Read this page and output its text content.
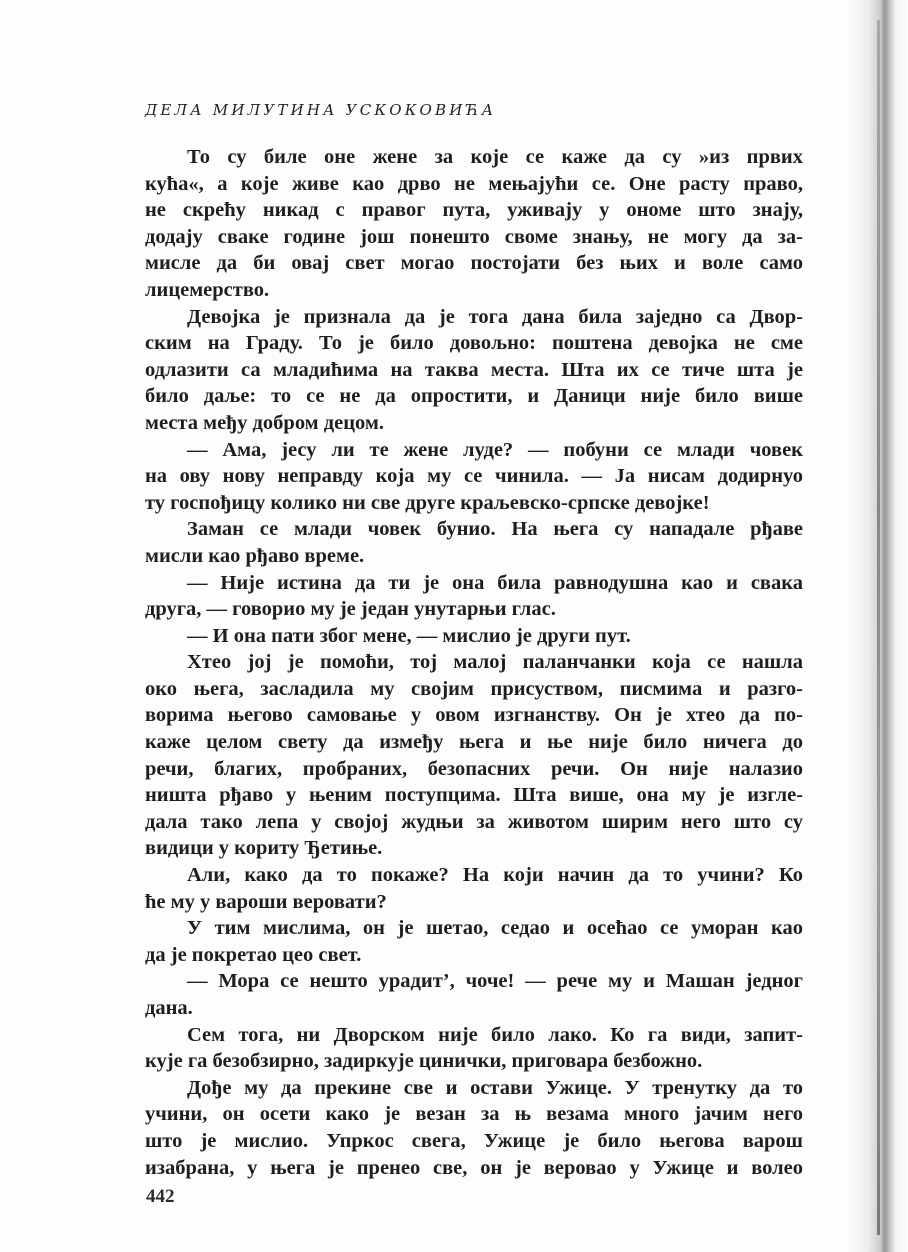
ДЕЛА МИЛУТИНА УСКОКОВИЋА
То су биле оне жене за које се каже да су »из првих
кућа«, а које живе као дрво не мењајући се. Оне расту право,
не скрећу никад с правог пута, уживају у ономе што знају,
додају сваке године још понешто своме знању, не могу да за-
мисле да би овај свет могао постојати без њих и воле само
лицемерство.
Девојка је признала да је тога дана била заједно са Двор-
ским на Граду. То је било довољно: поштена девојка не сме
одлазити са младићима на таква места. Шта их се тиче шта је
било даље: то се не да опростити, и Даници није било више
места међу добром децом.
— Ама, јесу ли те жене луде? — побуни се млади човек
на ову нову неправду која му се чинила. — Ја нисам додирнуо
ту госпођицу колико ни све друге краљевско-српске девојке!
Заман се млади човек бунио. На њега су нападале рђаве
мисли као рђаво време.
— Није истина да ти је она била равнодушна као и свака
друга, — говорио му је један унутарњи глас.
— И она пати због мене, — мислио је други пут.
Хтео јој је помоћи, тој малој паланчанки која се нашла
око њега, засладила му својим присуством, писмима и разго-
ворима његово самовање у овом изгнанству. Он је хтео да по-
каже целом свету да између њега и ње није било ничега до
речи, благих, пробраних, безопасних речи. Он није налазио
ништа рђаво у њеним поступцима. Шта више, она му је изгле-
дала тако лепа у својој жудњи за животом ширим него што су
видици у кориту Ђетиње.
Али, како да то покаже? На који начин да то учини? Ко
ће му у вароши веровати?
У тим мислима, он је шетао, седао и осећао се уморан као
да је покретао цео свет.
— Мора се нешто урадит’, чоче! — рече му и Машан једног
дана.
Сем тога, ни Дворском није било лако. Ко га види, запит-
кује га безобзирно, задиркује цинички, приговара безбожно.
Дође му да прекине све и остави Ужице. У тренутку да то
учини, он осети како је везан за њ везама много јачим него
што је мислио. Упркос свега, Ужице је било његова варош
изабрана, у њега је пренео све, он је веровао у Ужице и волео
442
